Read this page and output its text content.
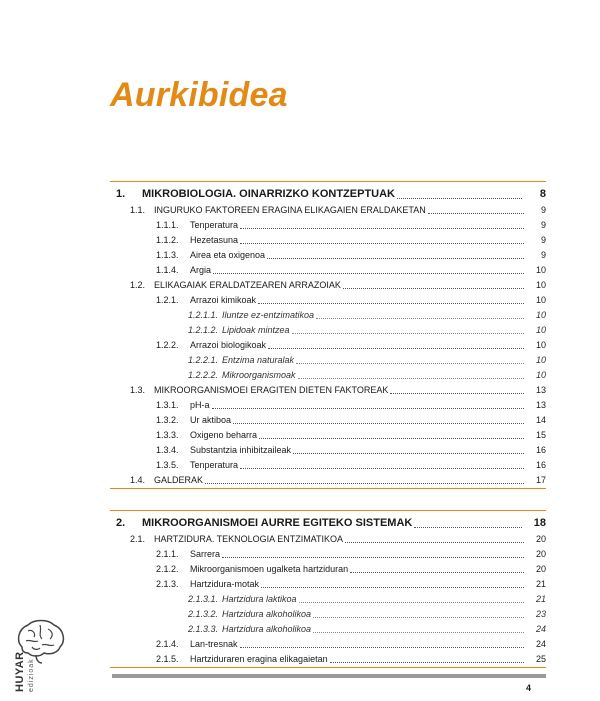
Aurkibidea
1.	MIKROBIOLOGIA. OINARRIZKO KONTZEPTUAK	8
1.1. INGURUKO FAKTOREEN ERAGINA ELIKAGAIEN ERALDAKETAN	9
1.1.1.	Tenperatura	9
1.1.2.	Hezetasuna	9
1.1.3.	Airea eta oxigenoa	9
1.1.4.	Argia	10
1.2. ELIKAGAIAK ERALDATZEAREN ARRAZOIAK	10
1.2.1.	Arrazoi kimikoak	10
1.2.1.1. Iluntze ez-entzimatikoa	10
1.2.1.2. Lipidoak mintzea	10
1.2.2.	Arrazoi biologikoak	10
1.2.2.1. Entzima naturalak	10
1.2.2.2. Mikroorganismoak	10
1.3. MIKROORGANISMOEI ERAGITEN DIETEN FAKTOREAK	13
1.3.1.	pH-a	13
1.3.2.	Ur aktiboa	14
1.3.3.	Oxigeno beharra	15
1.3.4.	Substantzia inhibitzaileak	16
1.3.5.	Tenperatura	16
1.4. GALDERAK	17
2.	MIKROORGANISMOEI AURRE EGITEKO SISTEMAK	18
2.1. HARTZIDURA. TEKNOLOGIA ENTZIMATIKOA	20
2.1.1.	Sarrera	20
2.1.2.	Mikroorganismoen ugalketa hartziduran	20
2.1.3.	Hartzidura-motak	21
2.1.3.1. Hartzidura laktikoa	21
2.1.3.2. Hartzidura alkoholikoa	23
2.1.3.3. Hartzidura alkoholikoa	24
2.1.4.	Lan-tresnak	24
2.1.5.	Hartziduraren eragina elikagaietan	25
4
HUYAR edizioak
